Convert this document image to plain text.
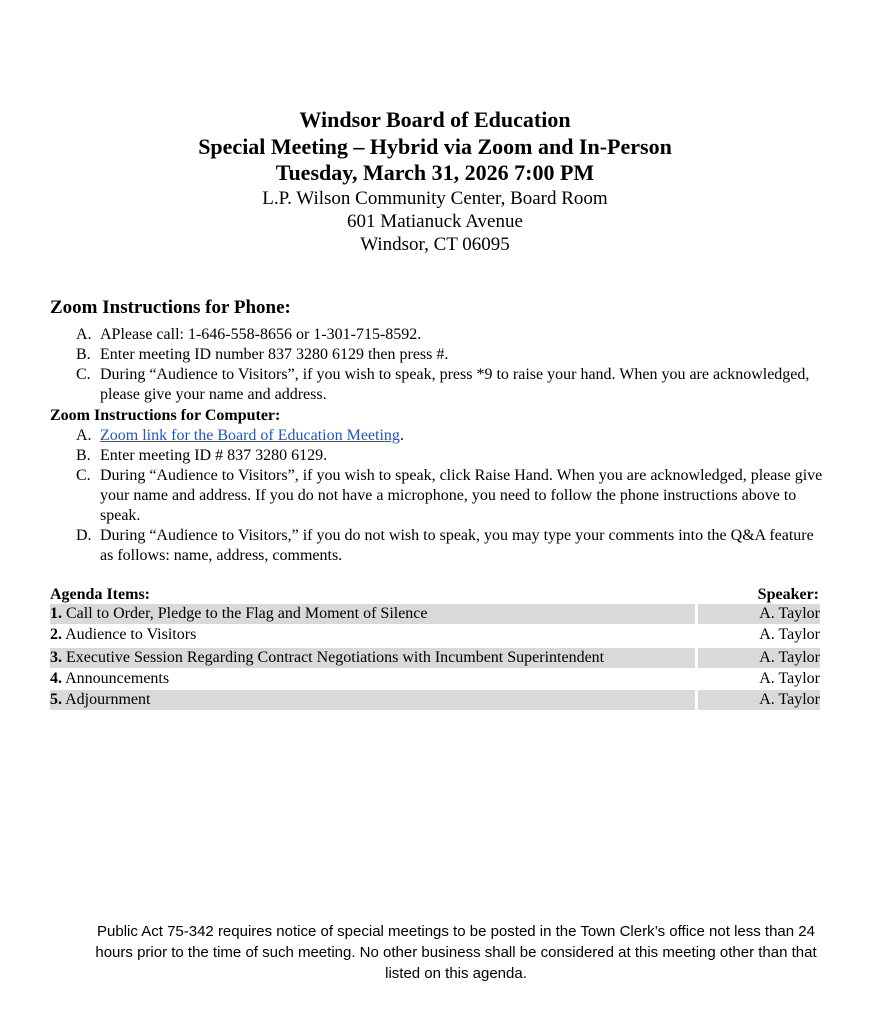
Windsor Board of Education
Special Meeting – Hybrid via Zoom and In-Person
Tuesday, March 31, 2026 7:00 PM
L.P. Wilson Community Center, Board Room
601 Matianuck Avenue
Windsor, CT 06095
Zoom Instructions for Phone:
A. APlease call: 1-646-558-8656 or 1-301-715-8592.
B. Enter meeting ID number 837 3280 6129 then press #.
C. During “Audience to Visitors”, if you wish to speak, press *9 to raise your hand. When you are acknowledged, please give your name and address.
Zoom Instructions for Computer:
A. Zoom link for the Board of Education Meeting.
B. Enter meeting ID # 837 3280 6129.
C. During “Audience to Visitors”, if you wish to speak, click Raise Hand. When you are acknowledged, please give your name and address. If you do not have a microphone, you need to follow the phone instructions above to speak.
D. During “Audience to Visitors,” if you do not wish to speak, you may type your comments into the Q&A feature as follows: name, address, comments.
Agenda Items:	Speaker:
1. Call to Order, Pledge to the Flag and Moment of Silence	A. Taylor
2. Audience to Visitors	A. Taylor
3. Executive Session Regarding Contract Negotiations with Incumbent Superintendent	A. Taylor
4. Announcements	A. Taylor
5. Adjournment	A. Taylor
Public Act 75-342 requires notice of special meetings to be posted in the Town Clerk’s office not less than 24 hours prior to the time of such meeting. No other business shall be considered at this meeting other than that listed on this agenda.
